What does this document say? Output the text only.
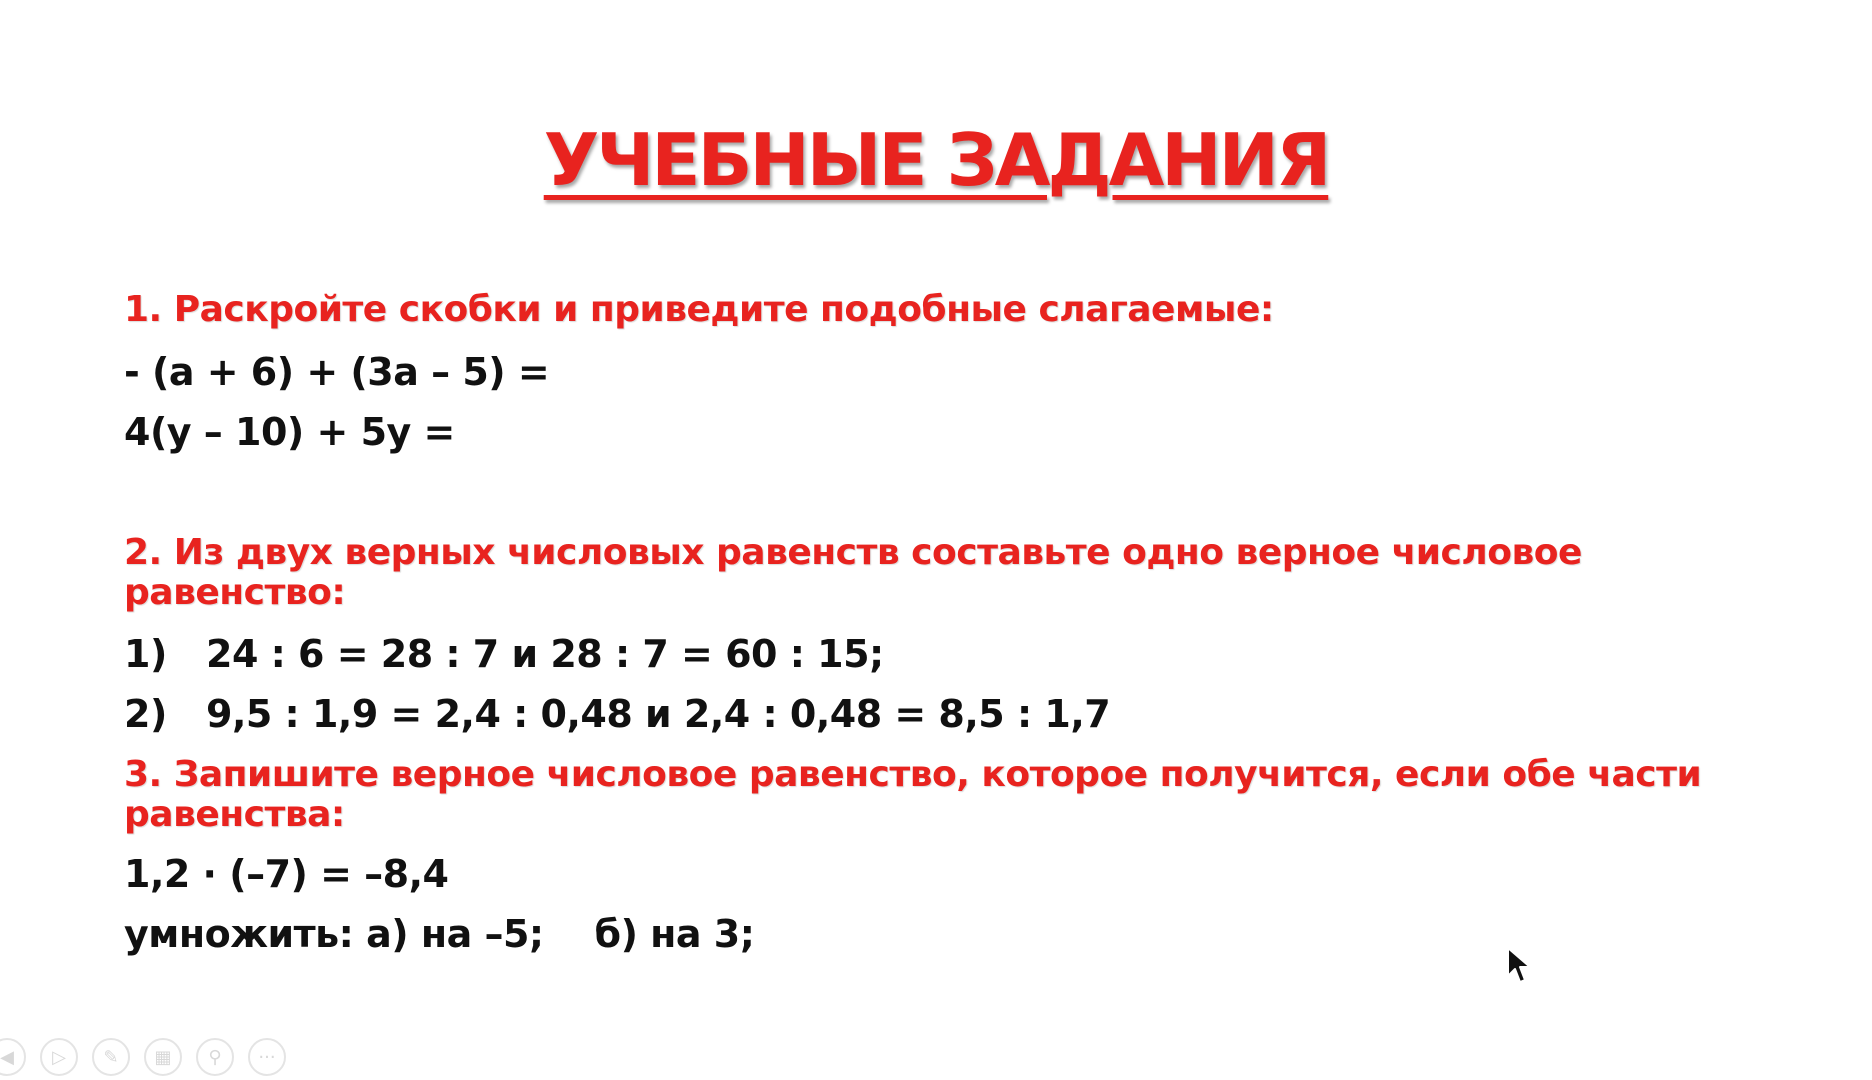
УЧЕБНЫЕ ЗАДАНИЯ
1. Раскройте скобки и приведите подобные слагаемые:
- (a + 6) + (3a – 5) =
4(y – 10) + 5y =
2. Из двух верных числовых равенств составьте одно верное числовое
равенство:
1) 24 : 6 = 28 : 7 и 28 : 7 = 60 : 15;
2) 9,5 : 1,9 = 2,4 : 0,48 и 2,4 : 0,48 = 8,5 : 1,7
3. Запишите верное числовое равенство, которое получится, если обе части
равенства:
1,2 · (–7) = –8,4
умножить: а) на –5;    б) на 3;
◀	▷	✎	▦	⚲	···
